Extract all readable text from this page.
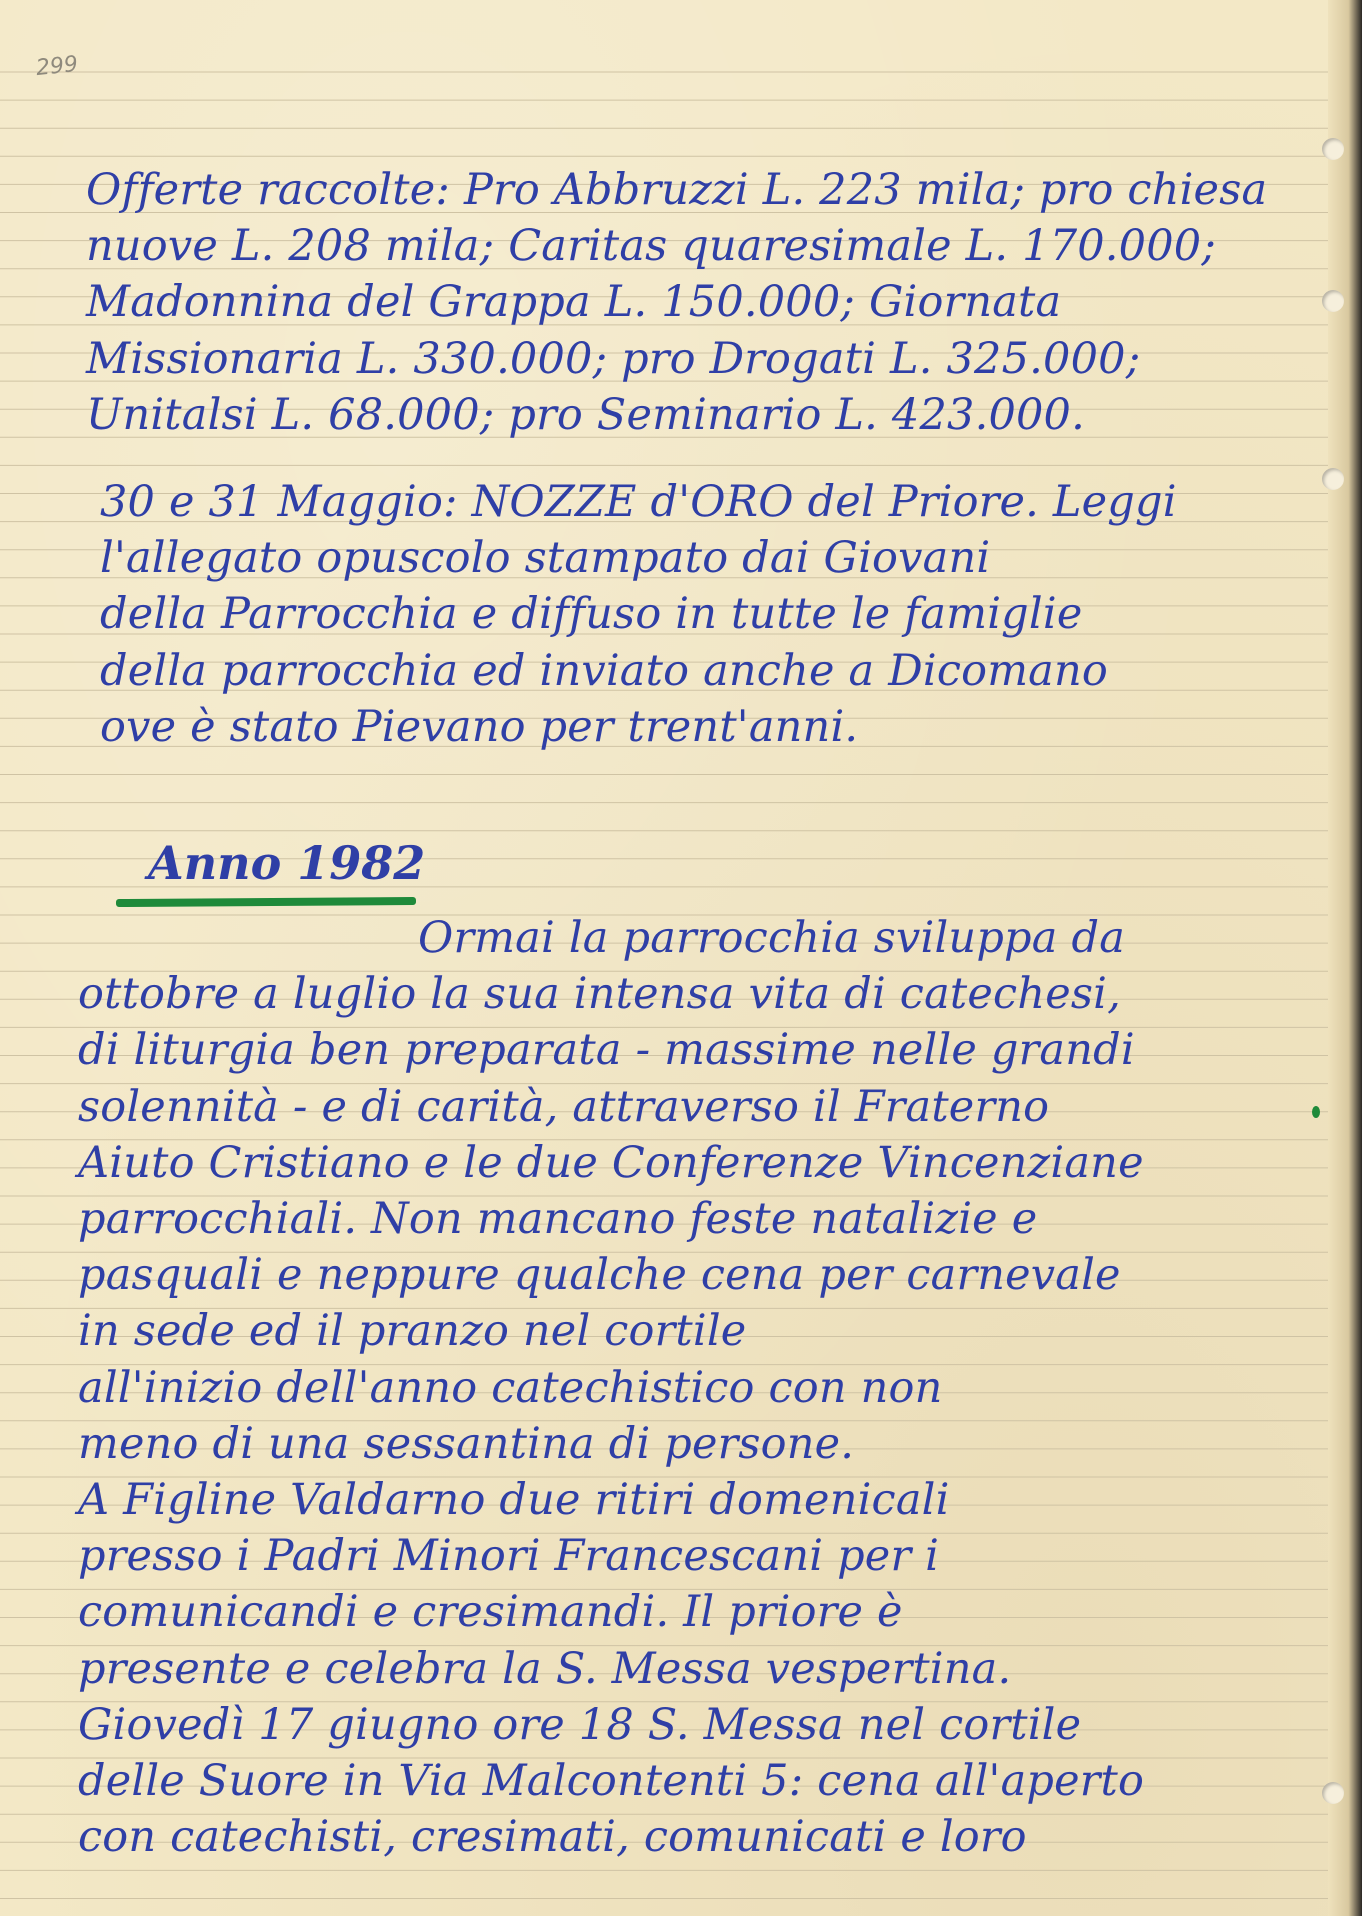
299

Offerte raccolte: Pro Abbruzzi L. 223 mila; pro chiesa
nuove L. 208 mila; Caritas quaresimale L. 170.000;
Madonnina del Grappa L. 150.000; Giornata
Missionaria L. 330.000; pro Drogati L. 325.000;
Unitalsi L. 68.000; pro Seminario L. 423.000.

30 e 31 Maggio: NOZZE d'ORO del Priore. Leggi
l'allegato opuscolo stampato dai Giovani
della Parrocchia e diffuso in tutte le famiglie
della parrocchia ed inviato anche a Dicomano
ove è stato Pievano per trent'anni.

Anno 1982

Ormai la parrocchia sviluppa da
ottobre a luglio la sua intensa vita di catechesi,
di liturgia ben preparata - massime nelle grandi
solennità - e di carità, attraverso il Fraterno
Aiuto Cristiano e le due Conferenze Vincenziane
parrocchiali. Non mancano feste natalizie e
pasquali e neppure qualche cena per carnevale
in sede ed il pranzo nel cortile
all'inizio dell'anno catechistico con non
meno di una sessantina di persone.
A Figline Valdarno due ritiri domenicali
presso i Padri Minori Francescani per i
comunicandi e cresimandi. Il priore è
presente e celebra la S. Messa vespertina.
Giovedì 17 giugno ore 18 S. Messa nel cortile
delle Suore in Via Malcontenti 5: cena all'aperto
con catechisti, cresimati, comunicati e loro
